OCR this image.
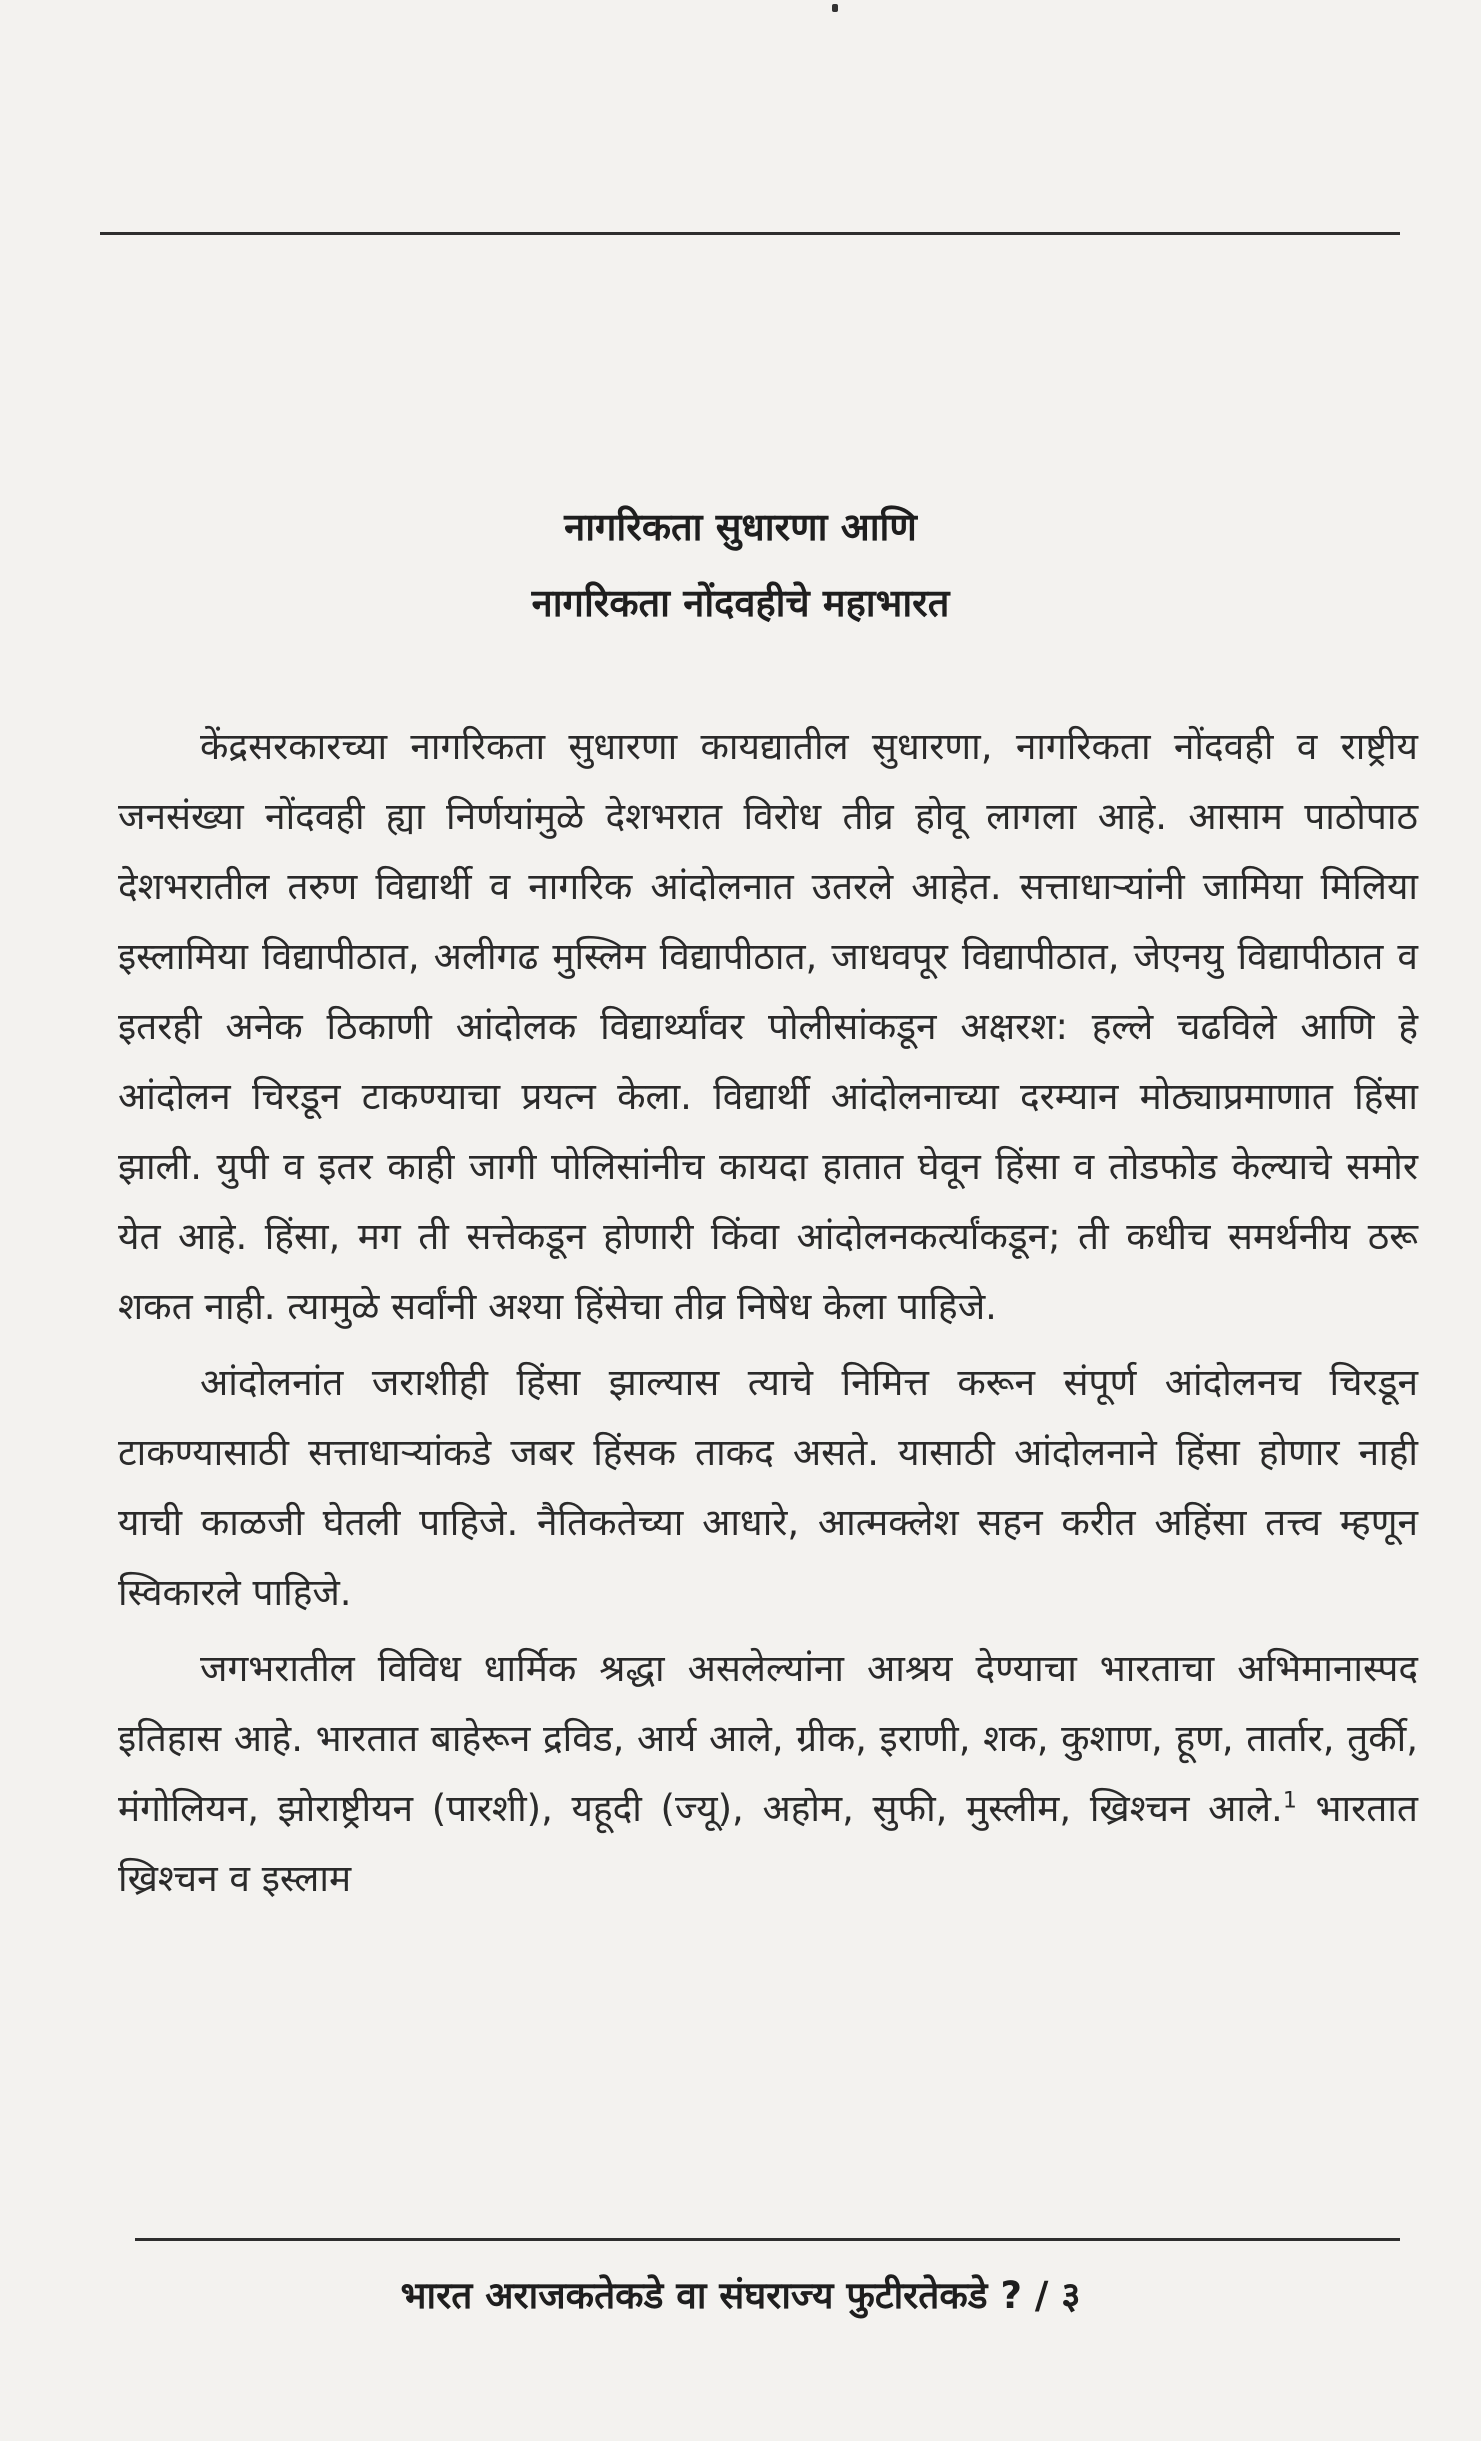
नागरिकता सुधारणा आणि
नागरिकता नोंदवहीचे महाभारत

केंद्रसरकारच्या नागरिकता सुधारणा कायद्यातील सुधारणा, नागरिकता नोंदवही व राष्ट्रीय जनसंख्या नोंदवही ह्या निर्णयांमुळे देशभरात विरोध तीव्र होवू लागला आहे. आसाम पाठोपाठ देशभरातील तरुण विद्यार्थी व नागरिक आंदोलनात उतरले आहेत. सत्ताधाऱ्यांनी जामिया मिलिया इस्लामिया विद्यापीठात, अलीगढ मुस्लिम विद्यापीठात, जाधवपूर विद्यापीठात, जेएनयु विद्यापीठात व इतरही अनेक ठिकाणी आंदोलक विद्यार्थ्यांवर पोलीसांकडून अक्षरश: हल्ले चढविले आणि हे आंदोलन चिरडून टाकण्याचा प्रयत्न केला. विद्यार्थी आंदोलनाच्या दरम्यान मोठ्याप्रमाणात हिंसा झाली. युपी व इतर काही जागी पोलिसांनीच कायदा हातात घेवून हिंसा व तोडफोड केल्याचे समोर येत आहे. हिंसा, मग ती सत्तेकडून होणारी किंवा आंदोलनकर्त्यांकडून; ती कधीच समर्थनीय ठरू शकत नाही. त्यामुळे सर्वांनी अश्या हिंसेचा तीव्र निषेध केला पाहिजे.

आंदोलनांत जराशीही हिंसा झाल्यास त्याचे निमित्त करून संपूर्ण आंदोलनच चिरडून टाकण्यासाठी सत्ताधाऱ्यांकडे जबर हिंसक ताकद असते. यासाठी आंदोलनाने हिंसा होणार नाही याची काळजी घेतली पाहिजे. नैतिकतेच्या आधारे, आत्मक्लेश सहन करीत अहिंसा तत्त्व म्हणून स्विकारले पाहिजे.

जगभरातील विविध धार्मिक श्रद्धा असलेल्यांना आश्रय देण्याचा भारताचा अभिमानास्पद इतिहास आहे. भारतात बाहेरून द्रविड, आर्य आले, ग्रीक, इराणी, शक, कुशाण, हूण, तार्तार, तुर्की, मंगोलियन, झोराष्ट्रीयन (पारशी), यहूदी (ज्यू), अहोम, सुफी, मुस्लीम, ख्रिश्चन आले.$^1$ भारतात ख्रिश्चन व इस्लाम

भारत अराजकतेकडे वा संघराज्य फुटीरतेकडे ? / ३
